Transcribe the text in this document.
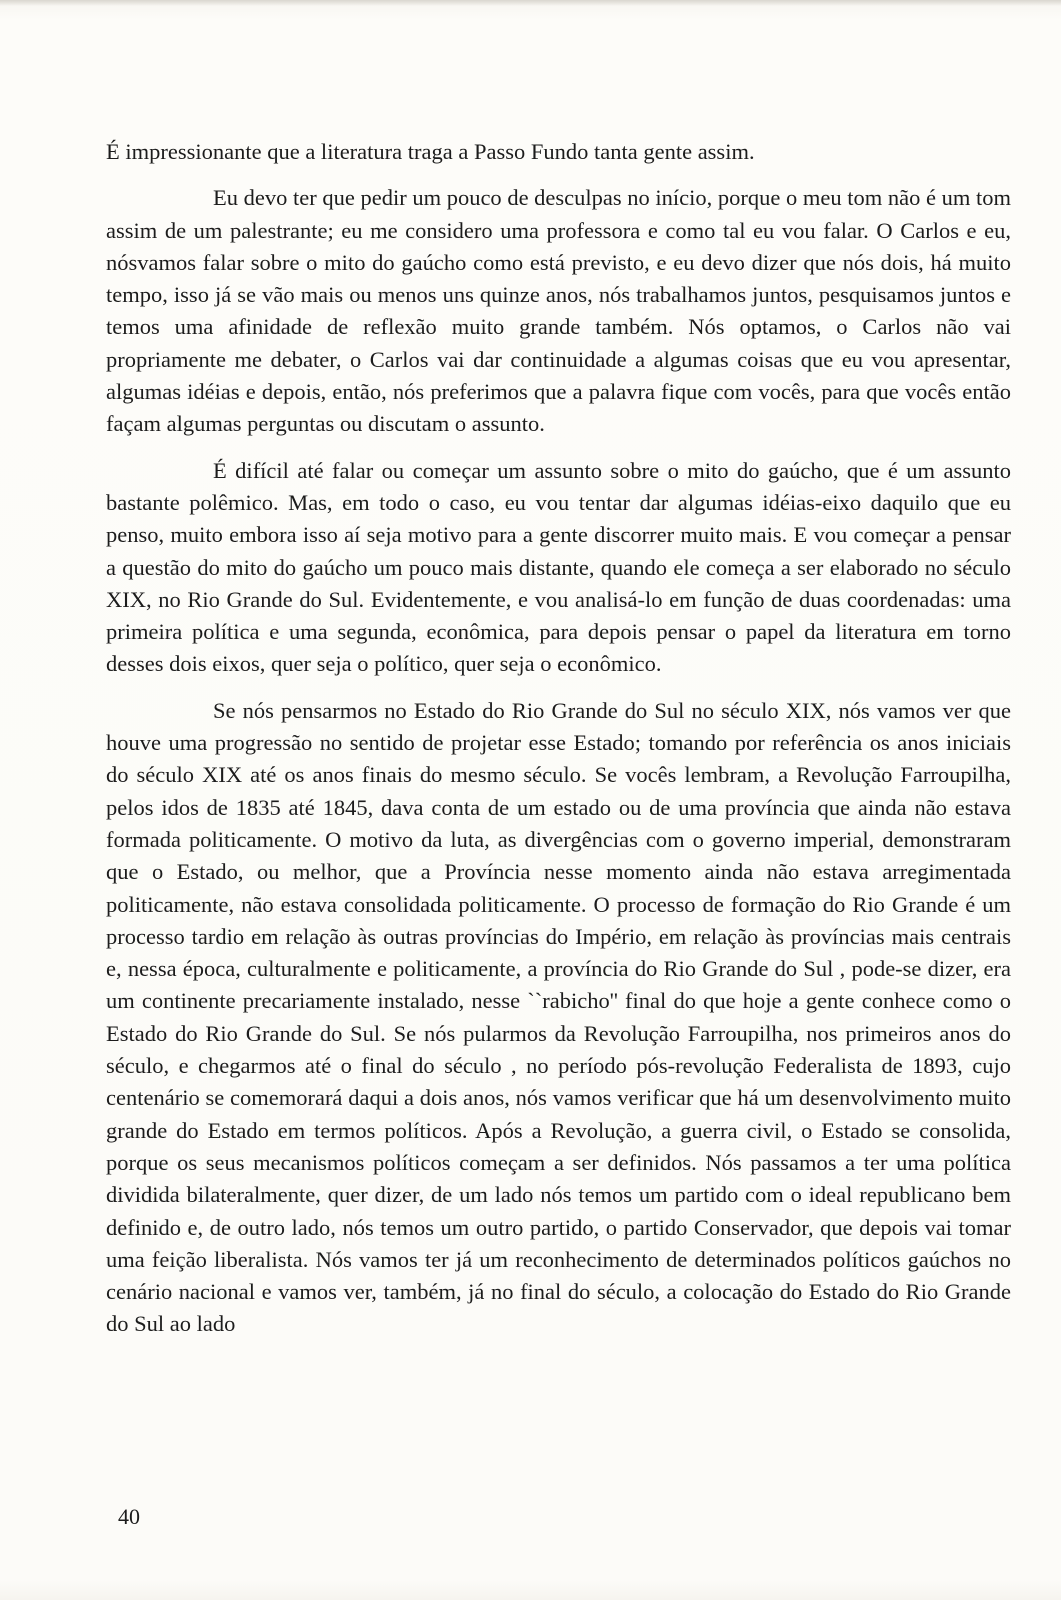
É impressionante que a literatura traga a Passo Fundo tanta gente assim.

Eu devo ter que pedir um pouco de desculpas no início, porque o meu tom não é um tom assim de um palestrante; eu me considero uma professora e como tal eu vou falar. O Carlos e eu, nósvamos falar sobre o mito do gaúcho como está previsto, e eu devo dizer que nós dois, há muito tempo, isso já se vão mais ou menos uns quinze anos, nós trabalhamos juntos, pesquisamos juntos e temos uma afinidade de reflexão muito grande também. Nós optamos, o Carlos não vai propriamente me debater, o Carlos vai dar continuidade a algumas coisas que eu vou apresentar, algumas idéias e depois, então, nós preferimos que a palavra fique com vocês, para que vocês então façam algumas perguntas ou discutam o assunto.

É difícil até falar ou começar um assunto sobre o mito do gaúcho, que é um assunto bastante polêmico. Mas, em todo o caso, eu vou tentar dar algumas idéias-eixo daquilo que eu penso, muito embora isso aí seja motivo para a gente discorrer muito mais. E vou começar a pensar a questão do mito do gaúcho um pouco mais distante, quando ele começa a ser elaborado no século XIX, no Rio Grande do Sul. Evidentemente, e vou analisá-lo em função de duas coordenadas: uma primeira política e uma segunda, econômica, para depois pensar o papel da literatura em torno desses dois eixos, quer seja o político, quer seja o econômico.

Se nós pensarmos no Estado do Rio Grande do Sul no século XIX, nós vamos ver que houve uma progressão no sentido de projetar esse Estado; tomando por referência os anos iniciais do século XIX até os anos finais do mesmo século. Se vocês lembram, a Revolução Farroupilha, pelos idos de 1835 até 1845, dava conta de um estado ou de uma província que ainda não estava formada politicamente. O motivo da luta, as divergências com o governo imperial, demonstraram que o Estado, ou melhor, que a Província nesse momento ainda não estava arregimentada politicamente, não estava consolidada politicamente. O processo de formação do Rio Grande é um processo tardio em relação às outras províncias do Império, em relação às províncias mais centrais e, nessa época, culturalmente e politicamente, a província do Rio Grande do Sul , pode-se dizer, era um continente precariamente instalado, nesse ``rabicho'' final do que hoje a gente conhece como o Estado do Rio Grande do Sul. Se nós pularmos da Revolução Farroupilha, nos primeiros anos do século, e chegarmos até o final do século , no período pós-revolução Federalista de 1893, cujo centenário se comemorará daqui a dois anos, nós vamos verificar que há um desenvolvimento muito grande do Estado em termos políticos. Após a Revolução, a guerra civil, o Estado se consolida, porque os seus mecanismos políticos começam a ser definidos. Nós passamos a ter uma política dividida bilateralmente, quer dizer, de um lado nós temos um partido com o ideal republicano bem definido e, de outro lado, nós temos um outro partido, o partido Conservador, que depois vai tomar uma feição liberalista. Nós vamos ter já um reconhecimento de determinados políticos gaúchos no cenário nacional e vamos ver, também, já no final do século, a colocação do Estado do Rio Grande do Sul ao lado

40
